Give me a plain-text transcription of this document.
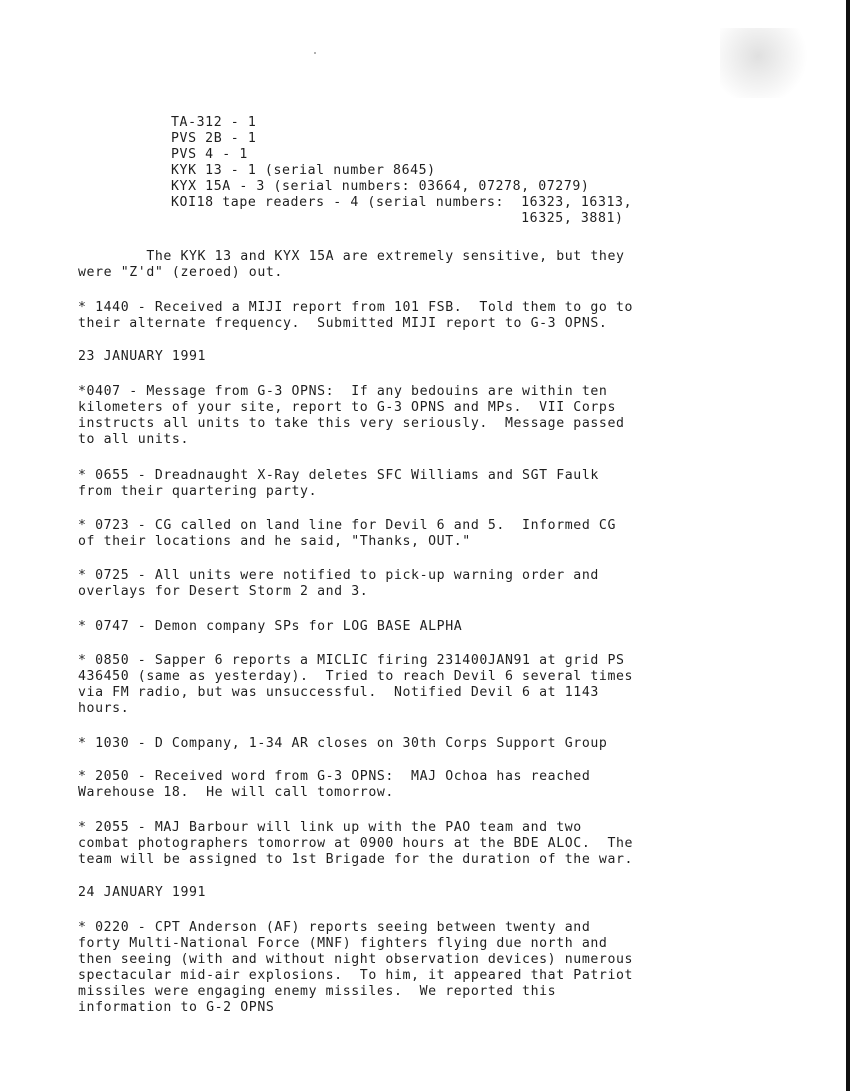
TA-312 - 1
PVS 2B - 1
PVS 4 - 1
KYK 13 - 1 (serial number 8645)
KYX 15A - 3 (serial numbers: 03664, 07278, 07279)
KOI18 tape readers - 4 (serial numbers:  16323, 16313,
16325, 3881)
The KYK 13 and KYX 15A are extremely sensitive, but they
were "Z'd" (zeroed) out.
* 1440 - Received a MIJI report from 101 FSB.  Told them to go to
their alternate frequency.  Submitted MIJI report to G-3 OPNS.
23 JANUARY 1991
*0407 - Message from G-3 OPNS:  If any bedouins are within ten
kilometers of your site, report to G-3 OPNS and MPs.  VII Corps
instructs all units to take this very seriously.  Message passed
to all units.
* 0655 - Dreadnaught X-Ray deletes SFC Williams and SGT Faulk
from their quartering party.
* 0723 - CG called on land line for Devil 6 and 5.  Informed CG
of their locations and he said, "Thanks, OUT."
* 0725 - All units were notified to pick-up warning order and
overlays for Desert Storm 2 and 3.
* 0747 - Demon company SPs for LOG BASE ALPHA
* 0850 - Sapper 6 reports a MICLIC firing 231400JAN91 at grid PS
436450 (same as yesterday).  Tried to reach Devil 6 several times
via FM radio, but was unsuccessful.  Notified Devil 6 at 1143
hours.
* 1030 - D Company, 1-34 AR closes on 30th Corps Support Group
* 2050 - Received word from G-3 OPNS:  MAJ Ochoa has reached
Warehouse 18.  He will call tomorrow.
* 2055 - MAJ Barbour will link up with the PAO team and two
combat photographers tomorrow at 0900 hours at the BDE ALOC.  The
team will be assigned to 1st Brigade for the duration of the war.
24 JANUARY 1991
* 0220 - CPT Anderson (AF) reports seeing between twenty and
forty Multi-National Force (MNF) fighters flying due north and
then seeing (with and without night observation devices) numerous
spectacular mid-air explosions.  To him, it appeared that Patriot
missiles were engaging enemy missiles.  We reported this
information to G-2 OPNS
